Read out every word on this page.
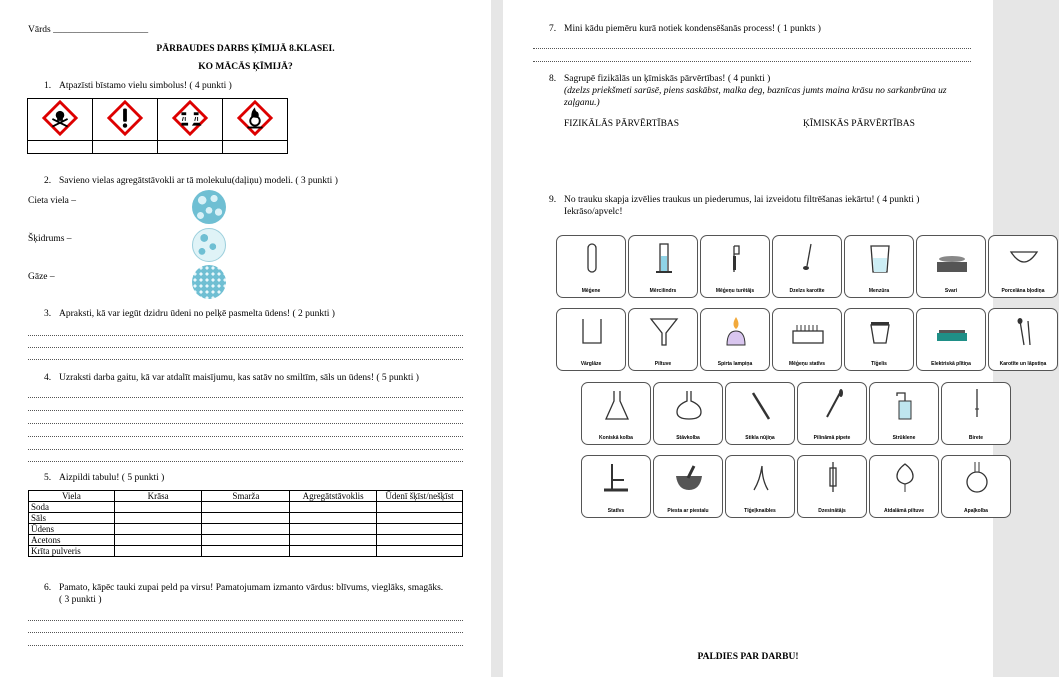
Vārds ____________________
PĀRBAUDES DARBS ĶĪMIJĀ 8.KLASEI.
KO MĀCĀS ĶĪMIJĀ?
1. Atpazīsti bīstamo vielu simbolus! ( 4 punkti )

2. Savieno vielas agregātstāvokli ar tā molekulu(daļiņu) modeli. ( 3 punkti )
Cieta viela –
Šķidrums –
Gāze –
3. Apraksti, kā var iegūt dzidru ūdeni no pelķē pasmelta ūdens! ( 2 punkti )
4. Uzraksti darba gaitu, kā var atdalīt maisījumu, kas satāv no smiltīm, sāls un ūdens! ( 5 punkti )
5. Aizpildi tabulu! ( 5 punkti )
Viela	Krāsa	Smarža	Agregātstāvoklis	Ūdenī šķīst/nešķīst
Soda				
Sāls				
Ūdens				
Acetons				
Krīta pulveris				
6. Pamato, kāpēc tauki zupai peld pa virsu! Pamatojumam izmanto vārdus: blīvums, vieglāks, smagāks.
( 3 punkti )
7. Mini kādu piemēru kurā notiek kondensēšanās process! ( 1 punkts )
8. Sagrupē fizikālās un ķīmiskās pārvērtības! ( 4 punkti )
(dzelzs priekšmeti sarūsē, piens saskābst, malka deg, baznīcas jumts maina krāsu no sarkanbrūna uz
zaļganu.)
FIZIKĀLĀS PĀRVĒRTĪBAS	ĶĪMISKĀS PĀRVĒRTĪBAS
9. No trauku skapja izvēlies traukus un piederumus, lai izveidotu filtrēšanas iekārtu! ( 4 punkti )
Iekrāso/apvelc!
Mēģene	Mērcilindrs	Mēģeņu turētājs	Dzelzs karotīte	Menzūra	Svari	Porcelāna bļodiņa
Vārglāze	Piltuve	Spirta lampiņa	Mēģeņu statīvs	Tīģelis	Elektriskā plītiņa	Karotīte un lāpstiņa
Koniskā kolba	Stāvkolba	Stikla nūjiņa	Pilināmā pipete	Strūklene	Birete
Statīvs	Piesta ar piestalu	Tīģeļknaibles	Dzesinātājs	Atdalāmā piltuve	Apaļkolba
PALDIES PAR DARBU!
